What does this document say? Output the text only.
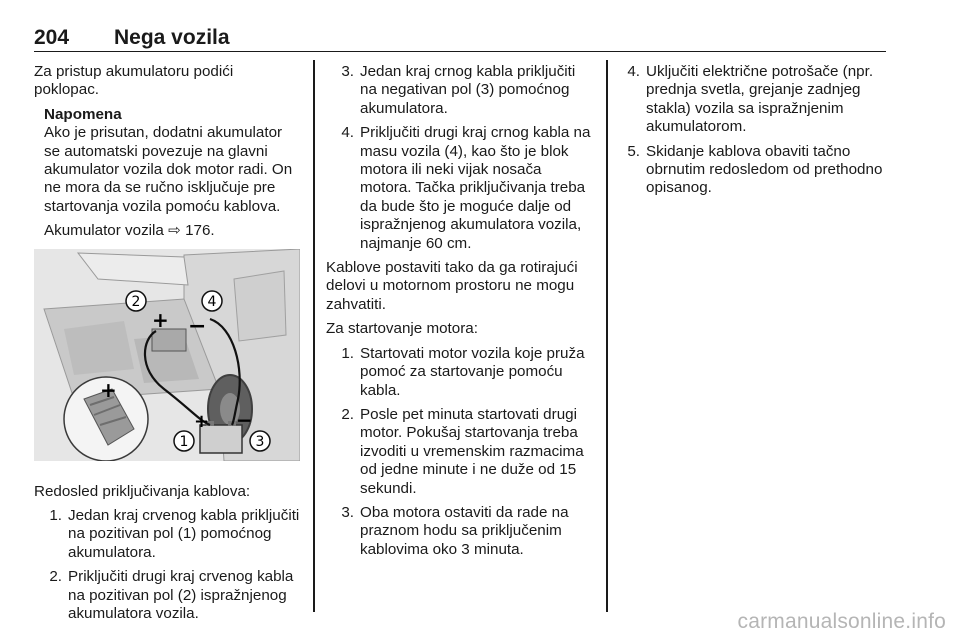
204 Nega vozila

Za pristup akumulatoru podići poklopac.

Napomena

Ako je prisutan, dodatni akumulator se automatski povezuje na glavni akumulator vozila dok motor radi. On ne mora da se ručno isključuje pre startovanja vozila pomoću kablova.

Akumulator vozila ⇨ 176.

+ −
+
+ −
2	4
1	3

Redosled priključivanja kablova:

1. Jedan kraj crvenog kabla priključiti na pozitivan pol (1) pomoćnog akumulatora.
2. Priključiti drugi kraj crvenog kabla na pozitivan pol (2) ispražnjenog akumulatora vozila.
3. Jedan kraj crnog kabla priključiti na negativan pol (3) pomoćnog akumulatora.
4. Priključiti drugi kraj crnog kabla na masu vozila (4), kao što je blok motora ili neki vijak nosača motora. Tačka priključivanja treba da bude što je moguće dalje od ispražnjenog akumulatora vozila, najmanje 60 cm.

Kablove postaviti tako da ga rotirajući delovi u motornom prostoru ne mogu zahvatiti.

Za startovanje motora:

1. Startovati motor vozila koje pruža pomoć za startovanje pomoću kabla.
2. Posle pet minuta startovati drugi motor. Pokušaj startovanja treba izvoditi u vremenskim razmacima od jedne minute i ne duže od 15 sekundi.
3. Oba motora ostaviti da rade na praznom hodu sa priključenim kablovima oko 3 minuta.
4. Uključiti električne potrošače (npr. prednja svetla, grejanje zadnjeg stakla) vozila sa ispražnjenim akumulatorom.
5. Skidanje kablova obaviti tačno obrnutim redosledom od prethodno opisanog.
carmanualsonline.info
